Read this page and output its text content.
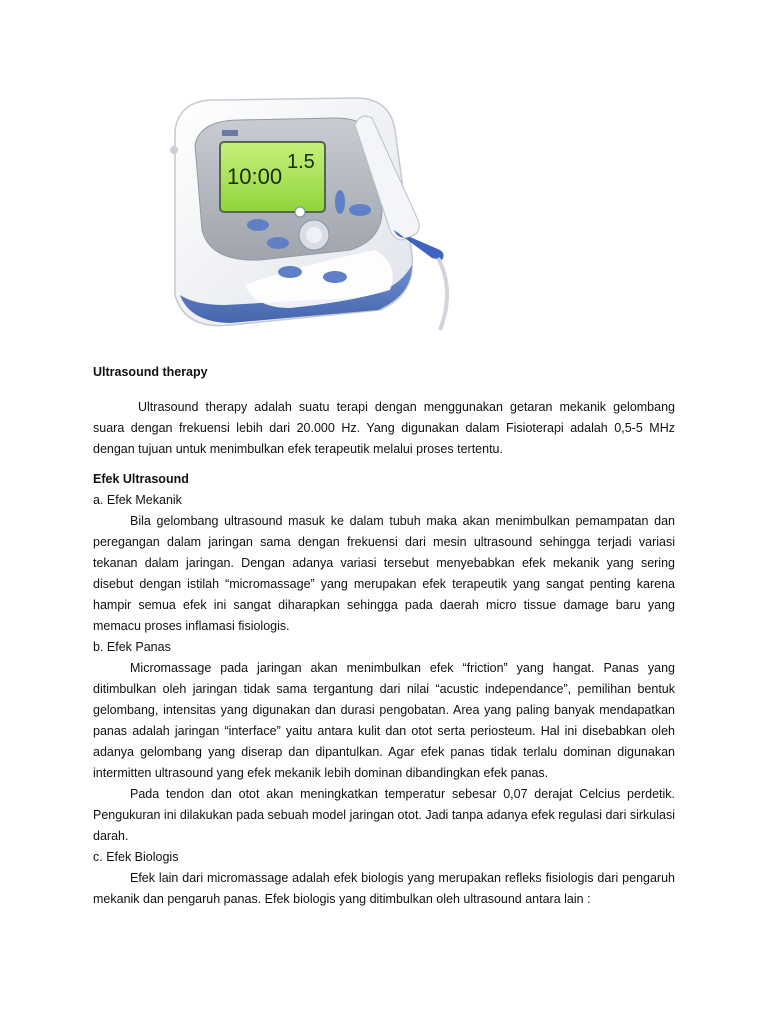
10:00
1.5
Ultrasound therapy

Ultrasound therapy adalah suatu terapi dengan menggunakan getaran mekanik gelombang suara dengan frekuensi lebih dari 20.000 Hz. Yang digunakan dalam Fisioterapi adalah 0,5-5 MHz dengan tujuan untuk menimbulkan efek terapeutik melalui proses tertentu.

Efek Ultrasound
a. Efek Mekanik

Bila gelombang ultrasound masuk ke dalam tubuh maka akan menimbulkan pemampatan dan peregangan dalam jaringan sama dengan frekuensi dari mesin ultrasound sehingga terjadi variasi tekanan dalam jaringan. Dengan adanya variasi tersebut menyebabkan efek mekanik yang sering disebut dengan istilah “micromassage” yang merupakan efek terapeutik yang sangat penting karena hampir semua efek ini sangat diharapkan sehingga pada daerah micro tissue damage baru yang memacu proses inflamasi fisiologis.

b. Efek Panas

Micromassage pada jaringan akan menimbulkan efek “friction” yang hangat. Panas yang ditimbulkan oleh jaringan tidak sama tergantung dari nilai “acustic independance”, pemilihan bentuk gelombang, intensitas yang digunakan dan durasi pengobatan. Area yang paling banyak mendapatkan panas adalah jaringan “interface” yaitu antara kulit dan otot serta periosteum. Hal ini disebabkan oleh adanya gelombang yang diserap dan dipantulkan. Agar efek panas tidak terlalu dominan digunakan intermitten ultrasound yang efek mekanik lebih dominan dibandingkan efek panas.

Pada tendon dan otot akan meningkatkan temperatur sebesar 0,07 derajat Celcius perdetik. Pengukuran ini dilakukan pada sebuah model jaringan otot. Jadi tanpa adanya efek regulasi dari sirkulasi darah.

c. Efek Biologis

Efek lain dari micromassage adalah efek biologis yang merupakan refleks fisiologis dari pengaruh mekanik dan pengaruh panas. Efek biologis yang ditimbulkan oleh ultrasound antara lain :
